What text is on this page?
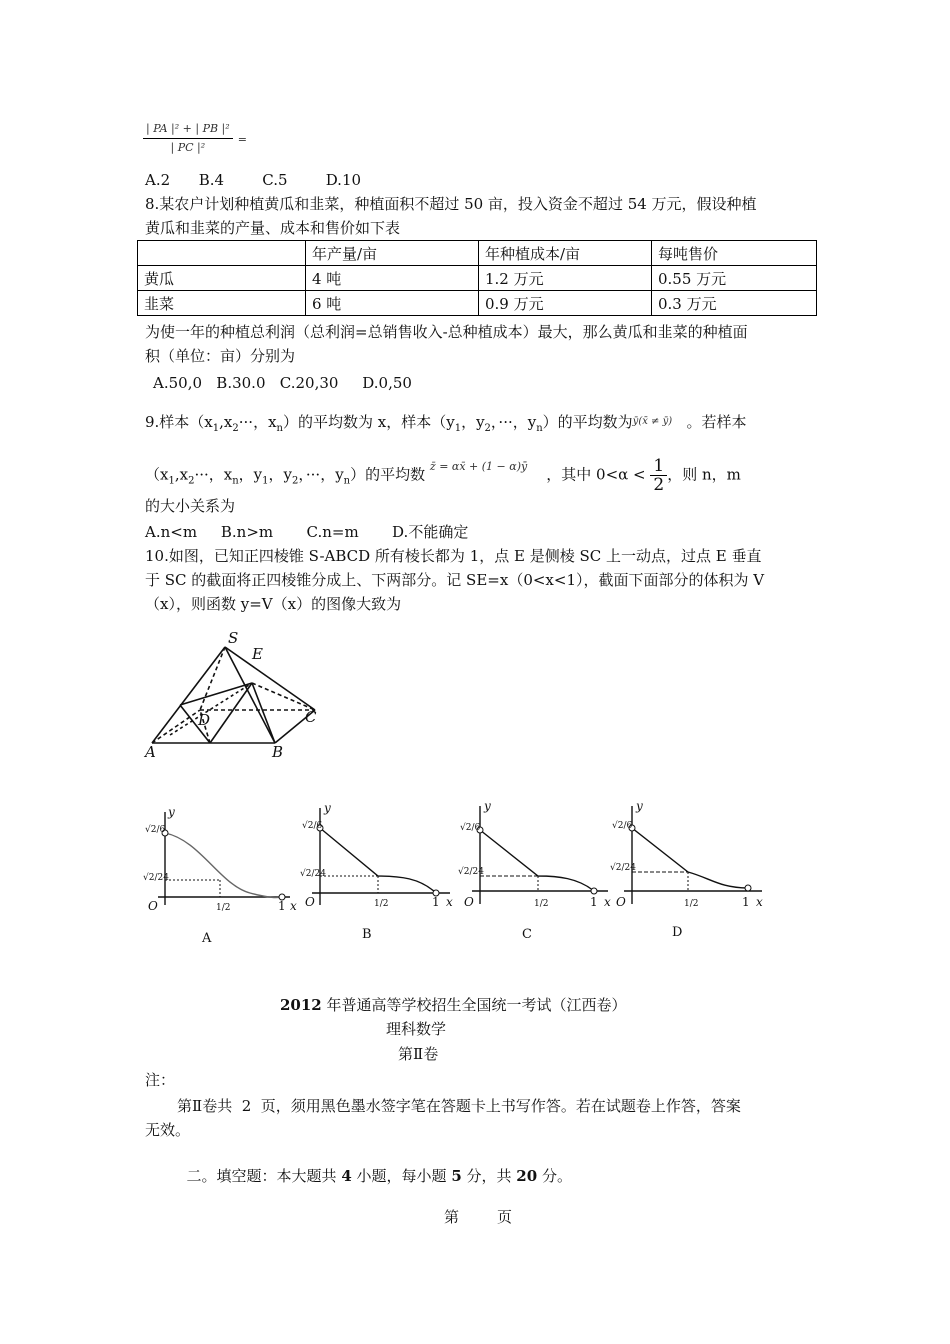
$\frac{\text{| PA |² + | PB |²}}{\text{| PC |²}}$ =
A.2 B.4	C.5	D.10
8.某农户计划种植黄瓜和韭菜，种植面积不超过 50 亩，投入资金不超过 54 万元，假设种植
黄瓜和韭菜的产量、成本和售价如下表
	年产量/亩	年种植成本/亩	每吨售价
黄瓜	4 吨	1.2 万元	0.55 万元
韭菜	6 吨	0.9 万元	0.3 万元
为使一年的种植总利润（总利润=总销售收入-总种植成本）最大，那么黄瓜和韭菜的种植面
积（单位：亩）分别为
A.50,0   B.30.0   C.20,30     D.0,50
9.样本（$x_1,x_2\cdot\cdot\cdot$，$x_n$）的平均数为 x，样本（$y_1$，$y_2$，···，$y_n$）的平均数为$^{ȳ(x̄ \ne ȳ)}$ 。若样本
（$x_1,x_2\cdot\cdot\cdot$，$x_n$，$y_1$，$y_2$，···，$y_n$）的平均数 $^{z̄ = \alpha x̄ + (1 - \alpha)ȳ}$ ，其中 $0<\alpha < \frac{1}{2}$ ，则 n，m
的大小关系为
A.n<m     B.n>m       C.n=m       D.不能确定
10.如图，已知正四棱锥 S-ABCD 所有棱长都为 1，点 E 是侧棱 SC 上一动点，过点 E 垂直
于 SC 的截面将正四棱锥分成上、下两部分。记 SE=x（0<x<1），截面下面部分的体积为 V
（x），则函数 y=V（x）的图像大致为
S
E
D	C
A	B
y
√2/6
√2/24
1/2
O	1 x
A
y
√2/6
√2/24
1/2
O	1 x
B
y
√2/6
√2/24
1/2
O	1 x
C
y
√2/6
√2/24
1/2
O	1 x
D
2012 年普通高等学校招生全国统一考试（江西卷）
理科数学
第Ⅱ卷
注：
第Ⅱ卷共  2  页，须用黑色墨水签字笔在答题卡上书写作答。若在试题卷上作答，答案
无效。

二。填空题：本大题共 4 小题，每小题 5 分，共 20 分。

第	页
